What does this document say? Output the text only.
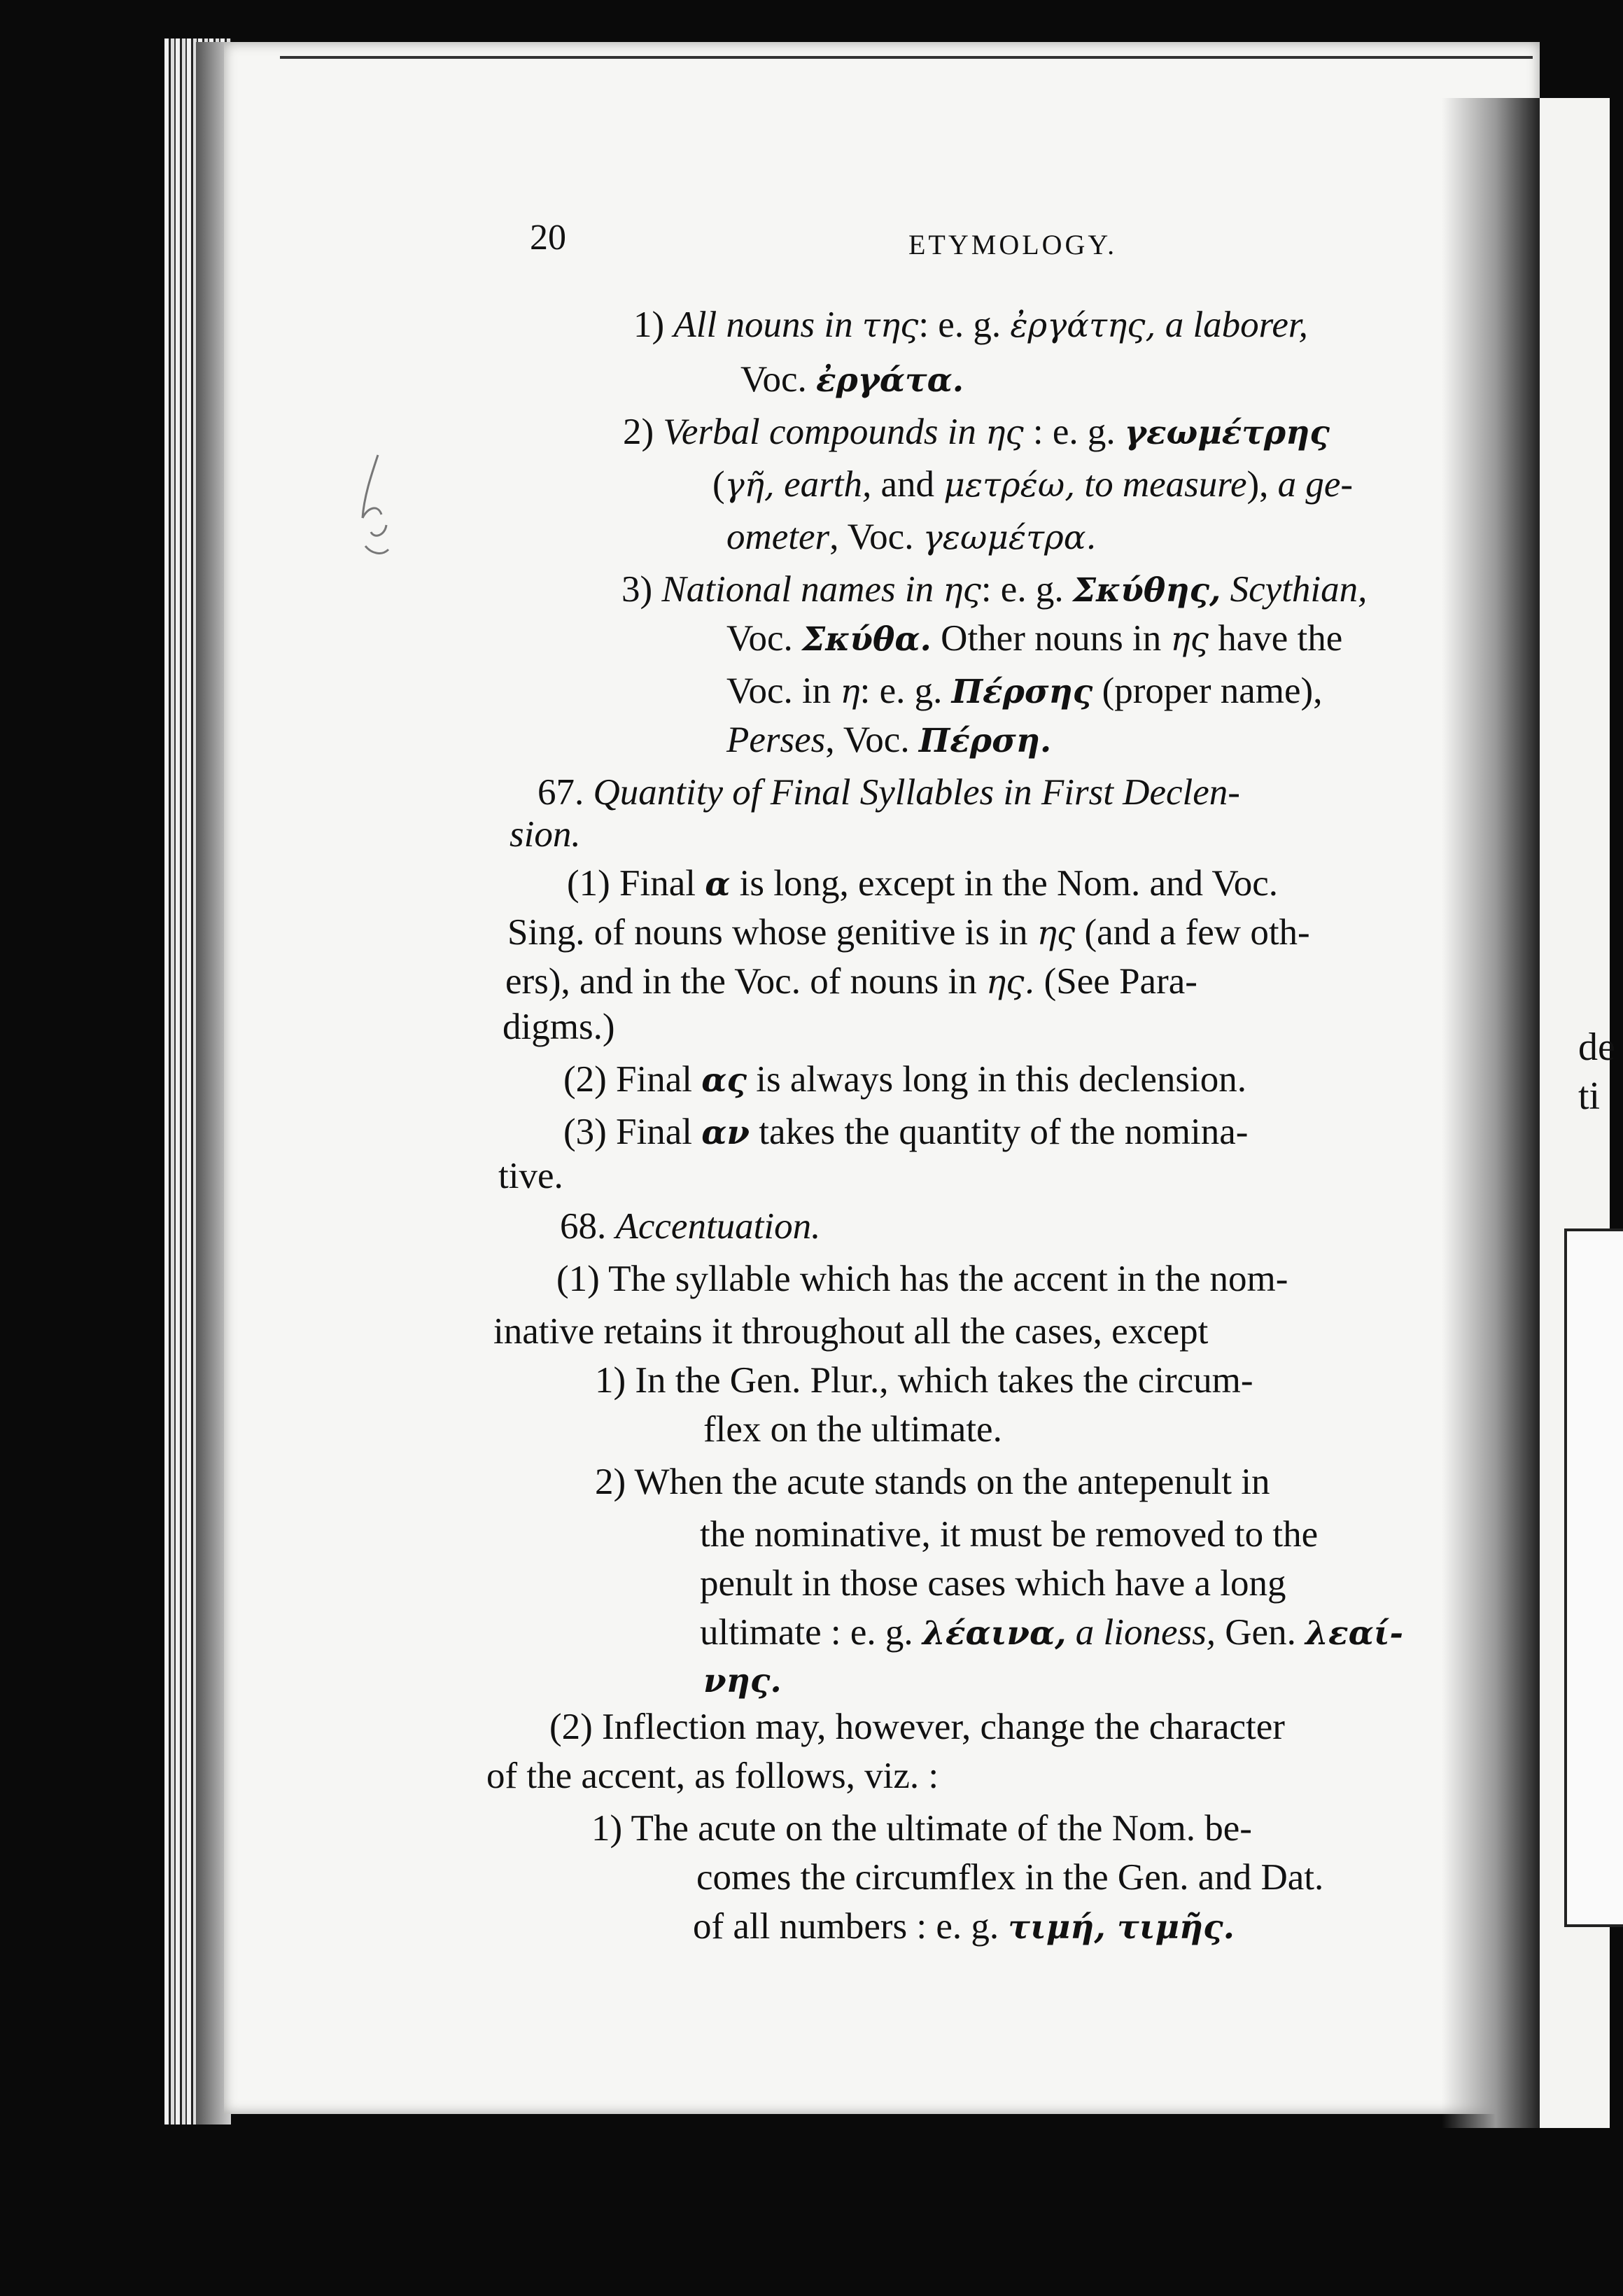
de
ti
20	ETYMOLOGY.
1) All nouns in της: e. g. ἐργάτης, a laborer,
Voc. ἐργάτα.
2) Verbal compounds in ης : e. g. γεωμέτρης
(γῆ, earth, and μετρέω, to measure), a ge-
ometer, Voc. γεωμέτρα.
3) National names in ης: e. g. Σκύθης, Scythian,
Voc. Σκύθα. Other nouns in ης have the
Voc. in η: e. g. Πέρσης (proper name),
Perses, Voc. Πέρση.
67. Quantity of Final Syllables in First Declen-
sion.
(1) Final α is long, except in the Nom. and Voc.
Sing. of nouns whose genitive is in ης (and a few oth-
ers), and in the Voc. of nouns in ης. (See Para-
digms.)
(2) Final ας is always long in this declension.
(3) Final αν takes the quantity of the nomina-
tive.
68. Accentuation.
(1) The syllable which has the accent in the nom-
inative retains it throughout all the cases, except
1) In the Gen. Plur., which takes the circum-
flex on the ultimate.
2) When the acute stands on the antepenult in
the nominative, it must be removed to the
penult in those cases which have a long
ultimate : e. g. λέαινα, a lioness, Gen. λεαί-
νης.
(2) Inflection may, however, change the character
of the accent, as follows, viz. :
1) The acute on the ultimate of the Nom. be-
comes the circumflex in the Gen. and Dat.
of all numbers : e. g. τιμή, τιμῆς.
